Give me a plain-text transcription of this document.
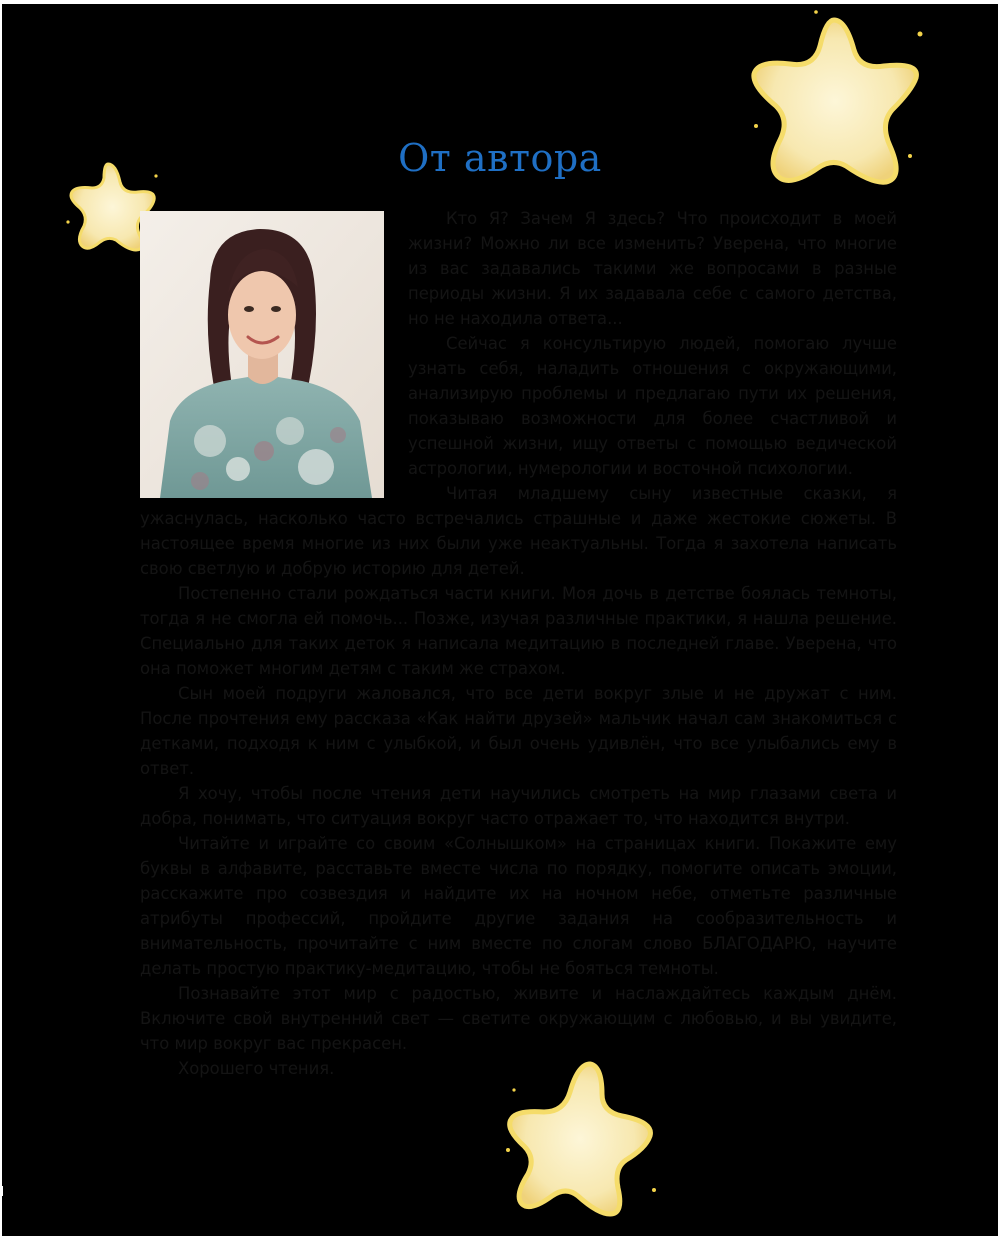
От автора

Кто Я? Зачем Я здесь? Что происходит в моей жизни? Можно ли все изменить? Уверена, что многие из вас задавались такими же вопросами в разные периоды жизни. Я их задавала себе с самого детства, но не находила ответа...

Сейчас я консультирую людей, помогаю лучше узнать себя, наладить отношения с окружающими, анализирую проблемы и предлагаю пути их решения, показываю возможности для более счастливой и успешной жизни, ищу ответы с помощью ведической астрологии, нумерологии и восточной психологии.

Читая младшему сыну известные сказки, я ужаснулась, насколько часто встречались страшные и даже жестокие сюжеты. В настоящее время многие из них были уже неактуальны. Тогда я захотела написать свою светлую и добрую историю для детей.

Постепенно стали рождаться части книги. Моя дочь в детстве боялась темноты, тогда я не смогла ей помочь... Позже, изучая различные практики, я нашла решение. Специально для таких деток я написала медитацию в последней главе. Уверена, что она поможет многим детям с таким же страхом.

Сын моей подруги жаловался, что все дети вокруг злые и не дружат с ним. После прочтения ему рассказа «Как найти друзей» мальчик начал сам знакомиться с детками, подходя к ним с улыбкой, и был очень удивлён, что все улыбались ему в ответ.

Я хочу, чтобы после чтения дети научились смотреть на мир глазами света и добра, понимать, что ситуация вокруг часто отражает то, что находится внутри.

Читайте и играйте со своим «Солнышком» на страницах книги. Покажите ему буквы в алфавите, расставьте вместе числа по порядку, помогите описать эмоции, расскажите про созвездия и найдите их на ночном небе, отметьте различные атрибуты профессий, пройдите другие задания на сообразительность и внимательность, прочитайте с ним вместе по слогам слово БЛАГОДАРЮ, научите делать простую практику-медитацию, чтобы не бояться темноты.

Познавайте этот мир с радостью, живите и наслаждайтесь каждым днём. Включите свой внутренний свет — светите окружающим с любовью, и вы увидите, что мир вокруг вас прекрасен.

Хорошего чтения.
